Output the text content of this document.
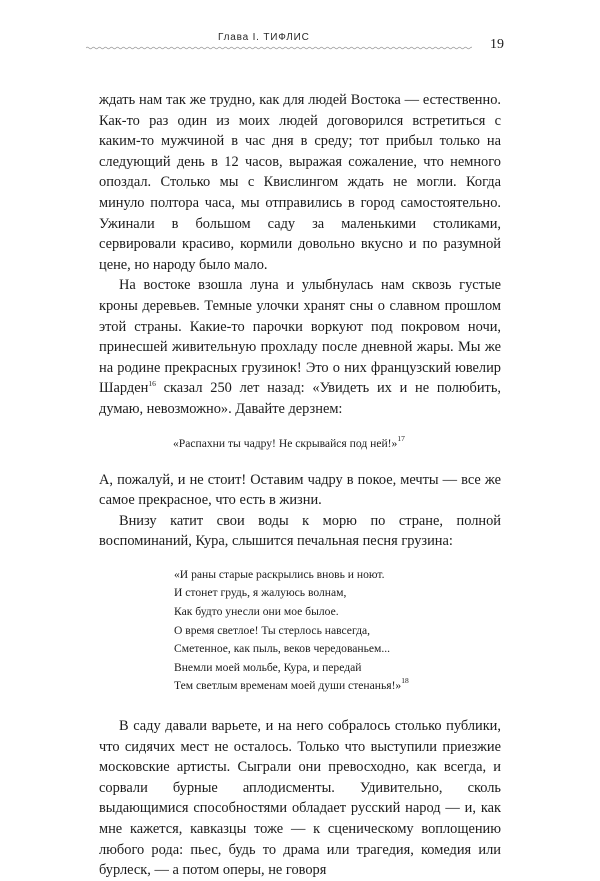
Глава I. ТИФЛИС	19

ждать нам так же трудно, как для людей Востока — естественно. Как-то раз один из моих людей договорился встретиться с каким-то мужчиной в час дня в среду; тот прибыл только на следующий день в 12 часов, выражая сожаление, что немного опоздал. Столько мы с Квислингом ждать не могли. Когда минуло полтора часа, мы отправились в город самостоятельно. Ужинали в большом саду за маленькими столиками, сервировали красиво, кормили довольно вкусно и по разумной цене, но народу было мало.

На востоке взошла луна и улыбнулась нам сквозь густые кроны деревьев. Темные улочки хранят сны о славном прошлом этой страны. Какие-то парочки воркуют под покровом ночи, принесшей живительную прохладу после дневной жары. Мы же на родине прекрасных грузинок! Это о них французский ювелир Шарден$^{16}$ сказал 250 лет назад: «Увидеть их и не полюбить, думаю, невозможно». Давайте дерзнем:

«Распахни ты чадру! Не скрывайся под ней!»$^{17}$

А, пожалуй, и не стоит! Оставим чадру в покое, мечты — все же самое прекрасное, что есть в жизни.

Внизу катит свои воды к морю по стране, полной воспоминаний, Кура, слышится печальная песня грузина:

«И раны старые раскрылись вновь и ноют.
И стонет грудь, я жалуюсь волнам,
Как будто унесли они мое былое.
О время светлое! Ты стерлось навсегда,
Сметенное, как пыль, веков чередованьем...
Внемли моей мольбе, Кура, и передай
Тем светлым временам моей души стенанья!»$^{18}$

В саду давали варьете, и на него собралось столько публики, что сидячих мест не осталось. Только что выступили приезжие московские артисты. Сыграли они превосходно, как всегда, и сорвали бурные аплодисменты. Удивительно, сколь выдающимися способностями обладает русский народ — и, как мне кажется, кавказцы тоже — к сценическому воплощению любого рода: пьес, будь то драма или трагедия, комедия или бурлеск, — а потом оперы, не говоря
